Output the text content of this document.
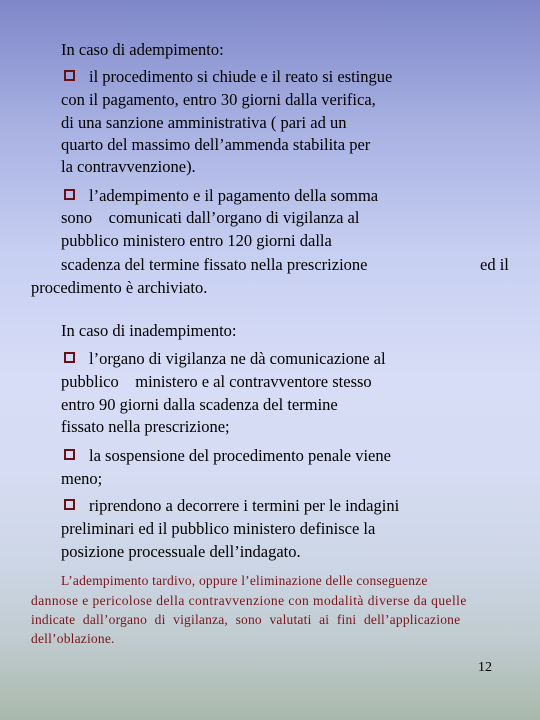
In caso di adempimento:
il procedimento si chiude e il reato si estingue
con il pagamento, entro 30 giorni dalla verifica,
di una sanzione amministrativa ( pari ad un
quarto del massimo dell’ammenda stabilita per
la contravvenzione).
l’adempimento e il pagamento della somma
sono    comunicati dall’organo di vigilanza al
pubblico ministero entro 120 giorni dalla
scadenza del termine fissato nella prescrizione	ed il
procedimento è archiviato.
In caso di inadempimento:
l’organo di vigilanza ne dà comunicazione al
pubblico    ministero e al contravventore stesso
entro 90 giorni dalla scadenza del termine
fissato nella prescrizione;
la sospensione del procedimento penale viene
meno;
riprendono a decorrere i termini per le indagini
preliminari ed il pubblico ministero definisce la
posizione processuale dell’indagato.
L’adempimento tardivo, oppure l’eliminazione delle conseguenze
dannose e pericolose della contravvenzione con modalità diverse da quelle
indicate dall’organo di vigilanza, sono valutati ai fini dell’applicazione
dell’oblazione.
12
